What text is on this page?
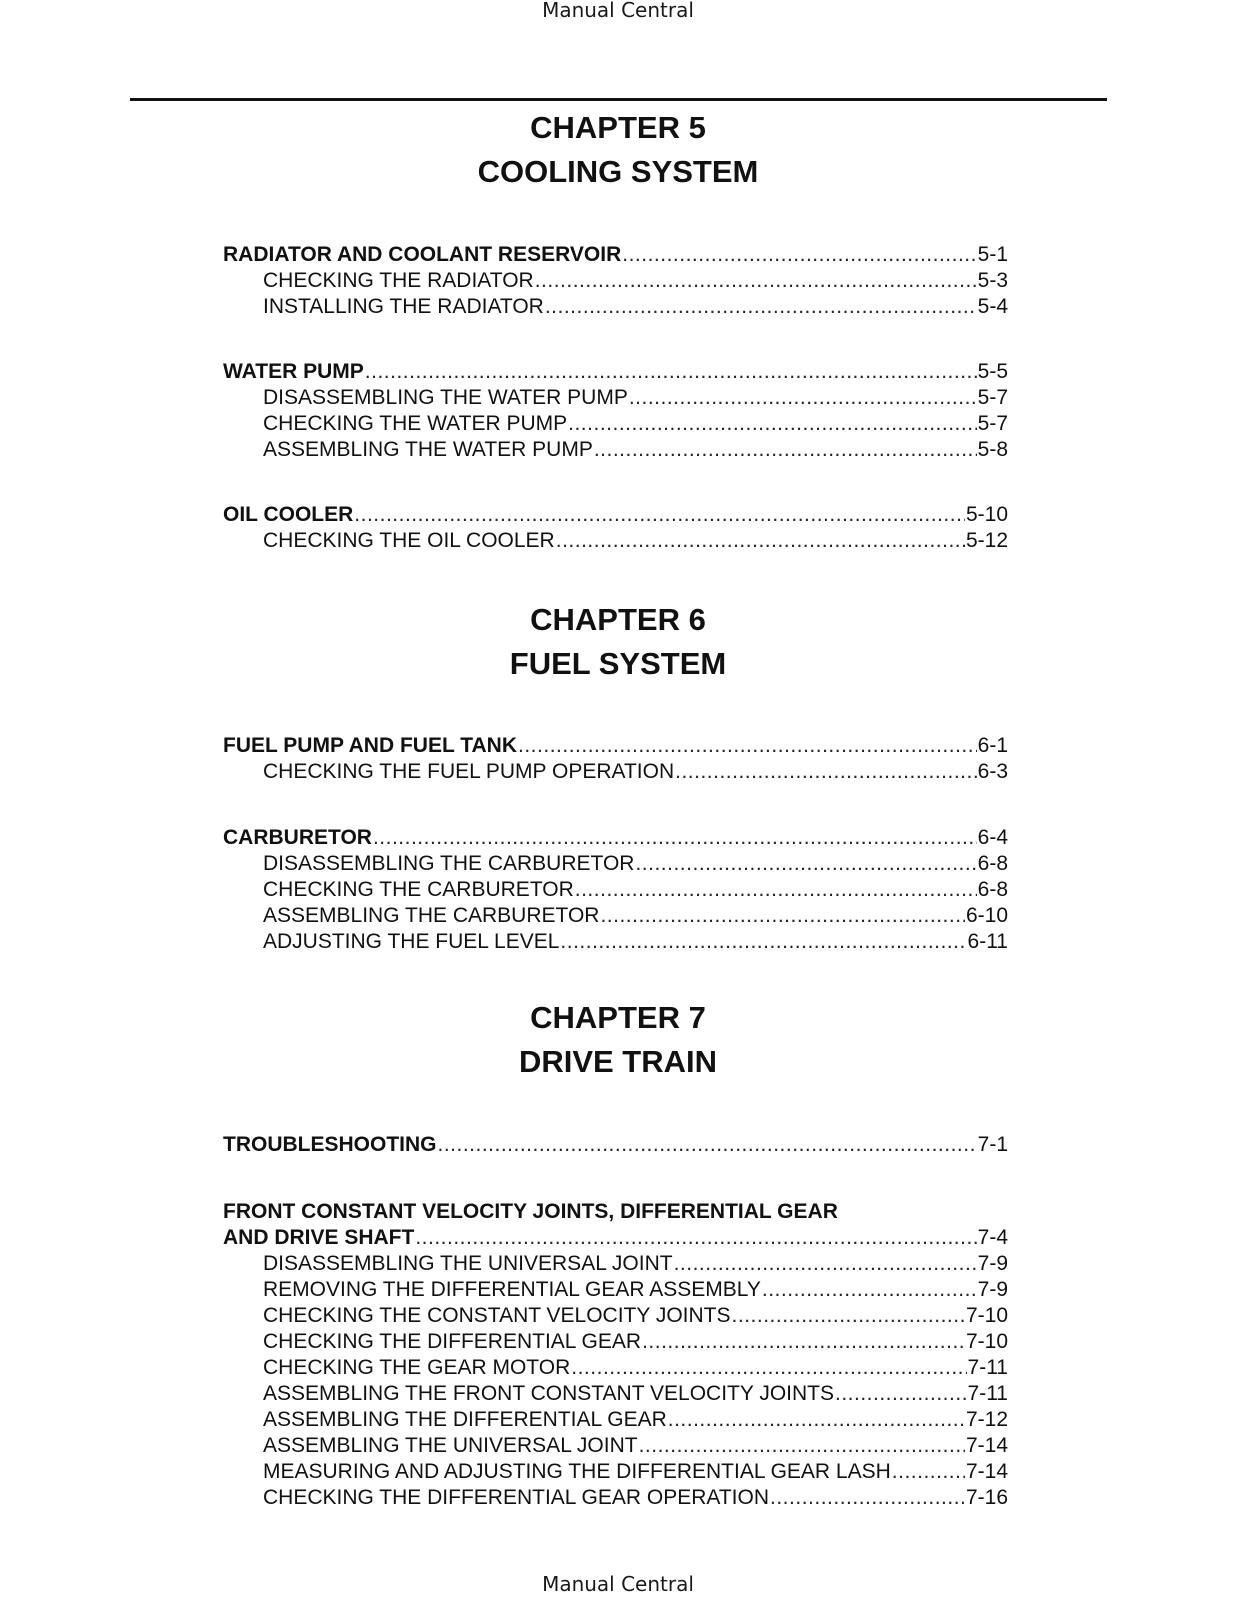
Manual Central
CHAPTER 5
COOLING SYSTEM
RADIATOR AND COOLANT RESERVOIR .....	5-1
CHECKING THE RADIATOR .....	5-3
INSTALLING THE RADIATOR .....	5-4
WATER PUMP .....	5-5
DISASSEMBLING THE WATER PUMP .....	5-7
CHECKING THE WATER PUMP .....	5-7
ASSEMBLING THE WATER PUMP .....	5-8
OIL COOLER .....	5-10
CHECKING THE OIL COOLER .....	5-12
CHAPTER 6
FUEL SYSTEM
FUEL PUMP AND FUEL TANK .....	6-1
CHECKING THE FUEL PUMP OPERATION .....	6-3
CARBURETOR .....	6-4
DISASSEMBLING THE CARBURETOR .....	6-8
CHECKING THE CARBURETOR .....	6-8
ASSEMBLING THE CARBURETOR .....	6-10
ADJUSTING THE FUEL LEVEL .....	6-11
CHAPTER 7
DRIVE TRAIN
TROUBLESHOOTING .....	7-1
FRONT CONSTANT VELOCITY JOINTS, DIFFERENTIAL GEAR
AND DRIVE SHAFT .....	7-4
DISASSEMBLING THE UNIVERSAL JOINT .....	7-9
REMOVING THE DIFFERENTIAL GEAR ASSEMBLY .....	7-9
CHECKING THE CONSTANT VELOCITY JOINTS .....	7-10
CHECKING THE DIFFERENTIAL GEAR .....	7-10
CHECKING THE GEAR MOTOR .....	7-11
ASSEMBLING THE FRONT CONSTANT VELOCITY JOINTS .....	7-11
ASSEMBLING THE DIFFERENTIAL GEAR .....	7-12
ASSEMBLING THE UNIVERSAL JOINT .....	7-14
MEASURING AND ADJUSTING THE DIFFERENTIAL GEAR LASH .....	7-14
CHECKING THE DIFFERENTIAL GEAR OPERATION .....	7-16
Manual Central
